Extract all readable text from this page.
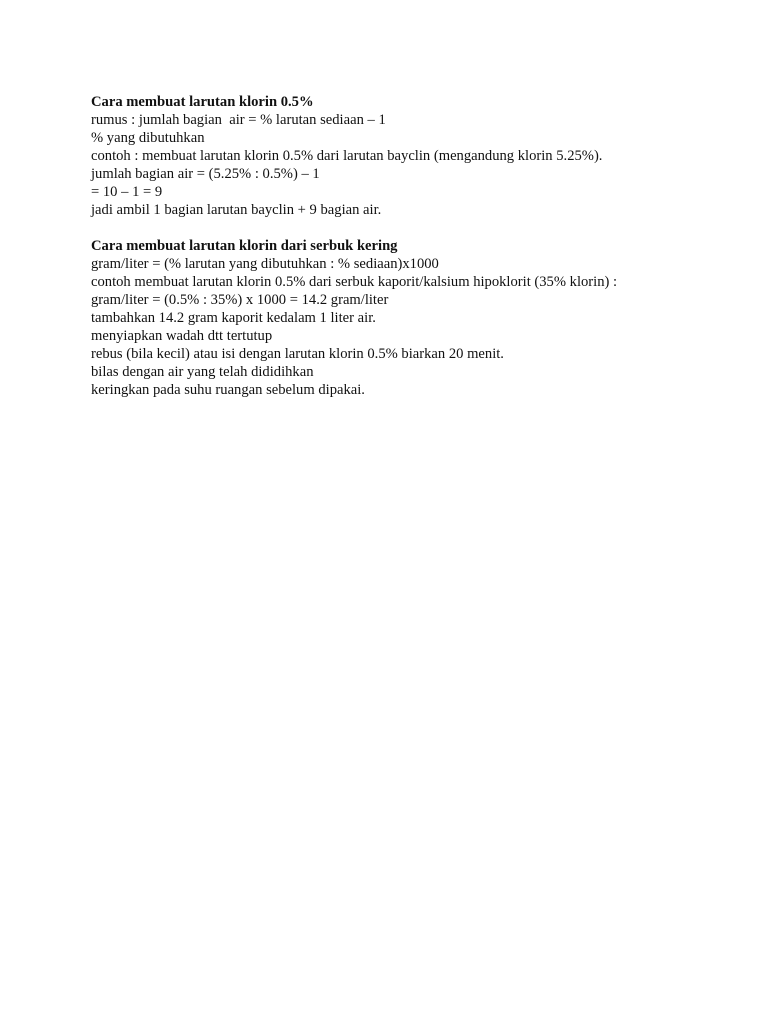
Cara membuat larutan klorin 0.5%
rumus : jumlah bagian  air = % larutan sediaan – 1
% yang dibutuhkan
contoh : membuat larutan klorin 0.5% dari larutan bayclin (mengandung klorin 5.25%).
jumlah bagian air = (5.25% : 0.5%) – 1
= 10 – 1 = 9
jadi ambil 1 bagian larutan bayclin + 9 bagian air.
Cara membuat larutan klorin dari serbuk kering
gram/liter = (% larutan yang dibutuhkan : % sediaan)x1000
contoh membuat larutan klorin 0.5% dari serbuk kaporit/kalsium hipoklorit (35% klorin) :
gram/liter = (0.5% : 35%) x 1000 = 14.2 gram/liter
tambahkan 14.2 gram kaporit kedalam 1 liter air.
menyiapkan wadah dtt tertutup
rebus (bila kecil) atau isi dengan larutan klorin 0.5% biarkan 20 menit.
bilas dengan air yang telah dididihkan
keringkan pada suhu ruangan sebelum dipakai.
